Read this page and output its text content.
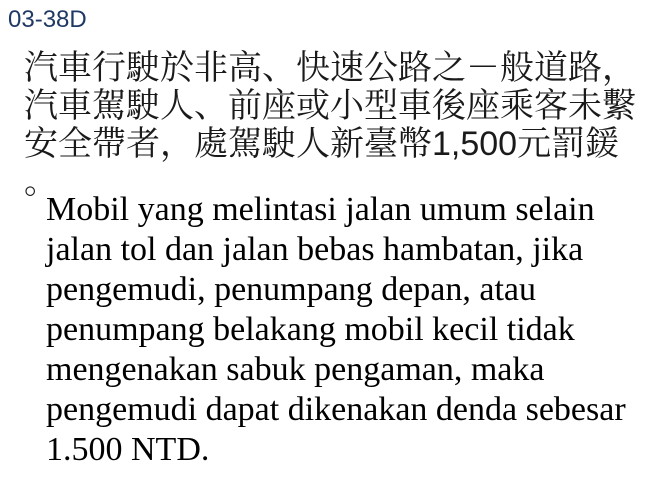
03-38D
汽車行駛於非高、快速公路之－般道路，
汽車駕駛人、前座或小型車後座乘客未繫
安全帶者，處駕駛人新臺幣1,500元罰鍰
。
Mobil yang melintasi jalan umum selain
jalan tol dan jalan bebas hambatan, jika
pengemudi, penumpang depan, atau
penumpang belakang mobil kecil tidak
mengenakan sabuk pengaman, maka
pengemudi dapat dikenakan denda sebesar
1.500 NTD.
